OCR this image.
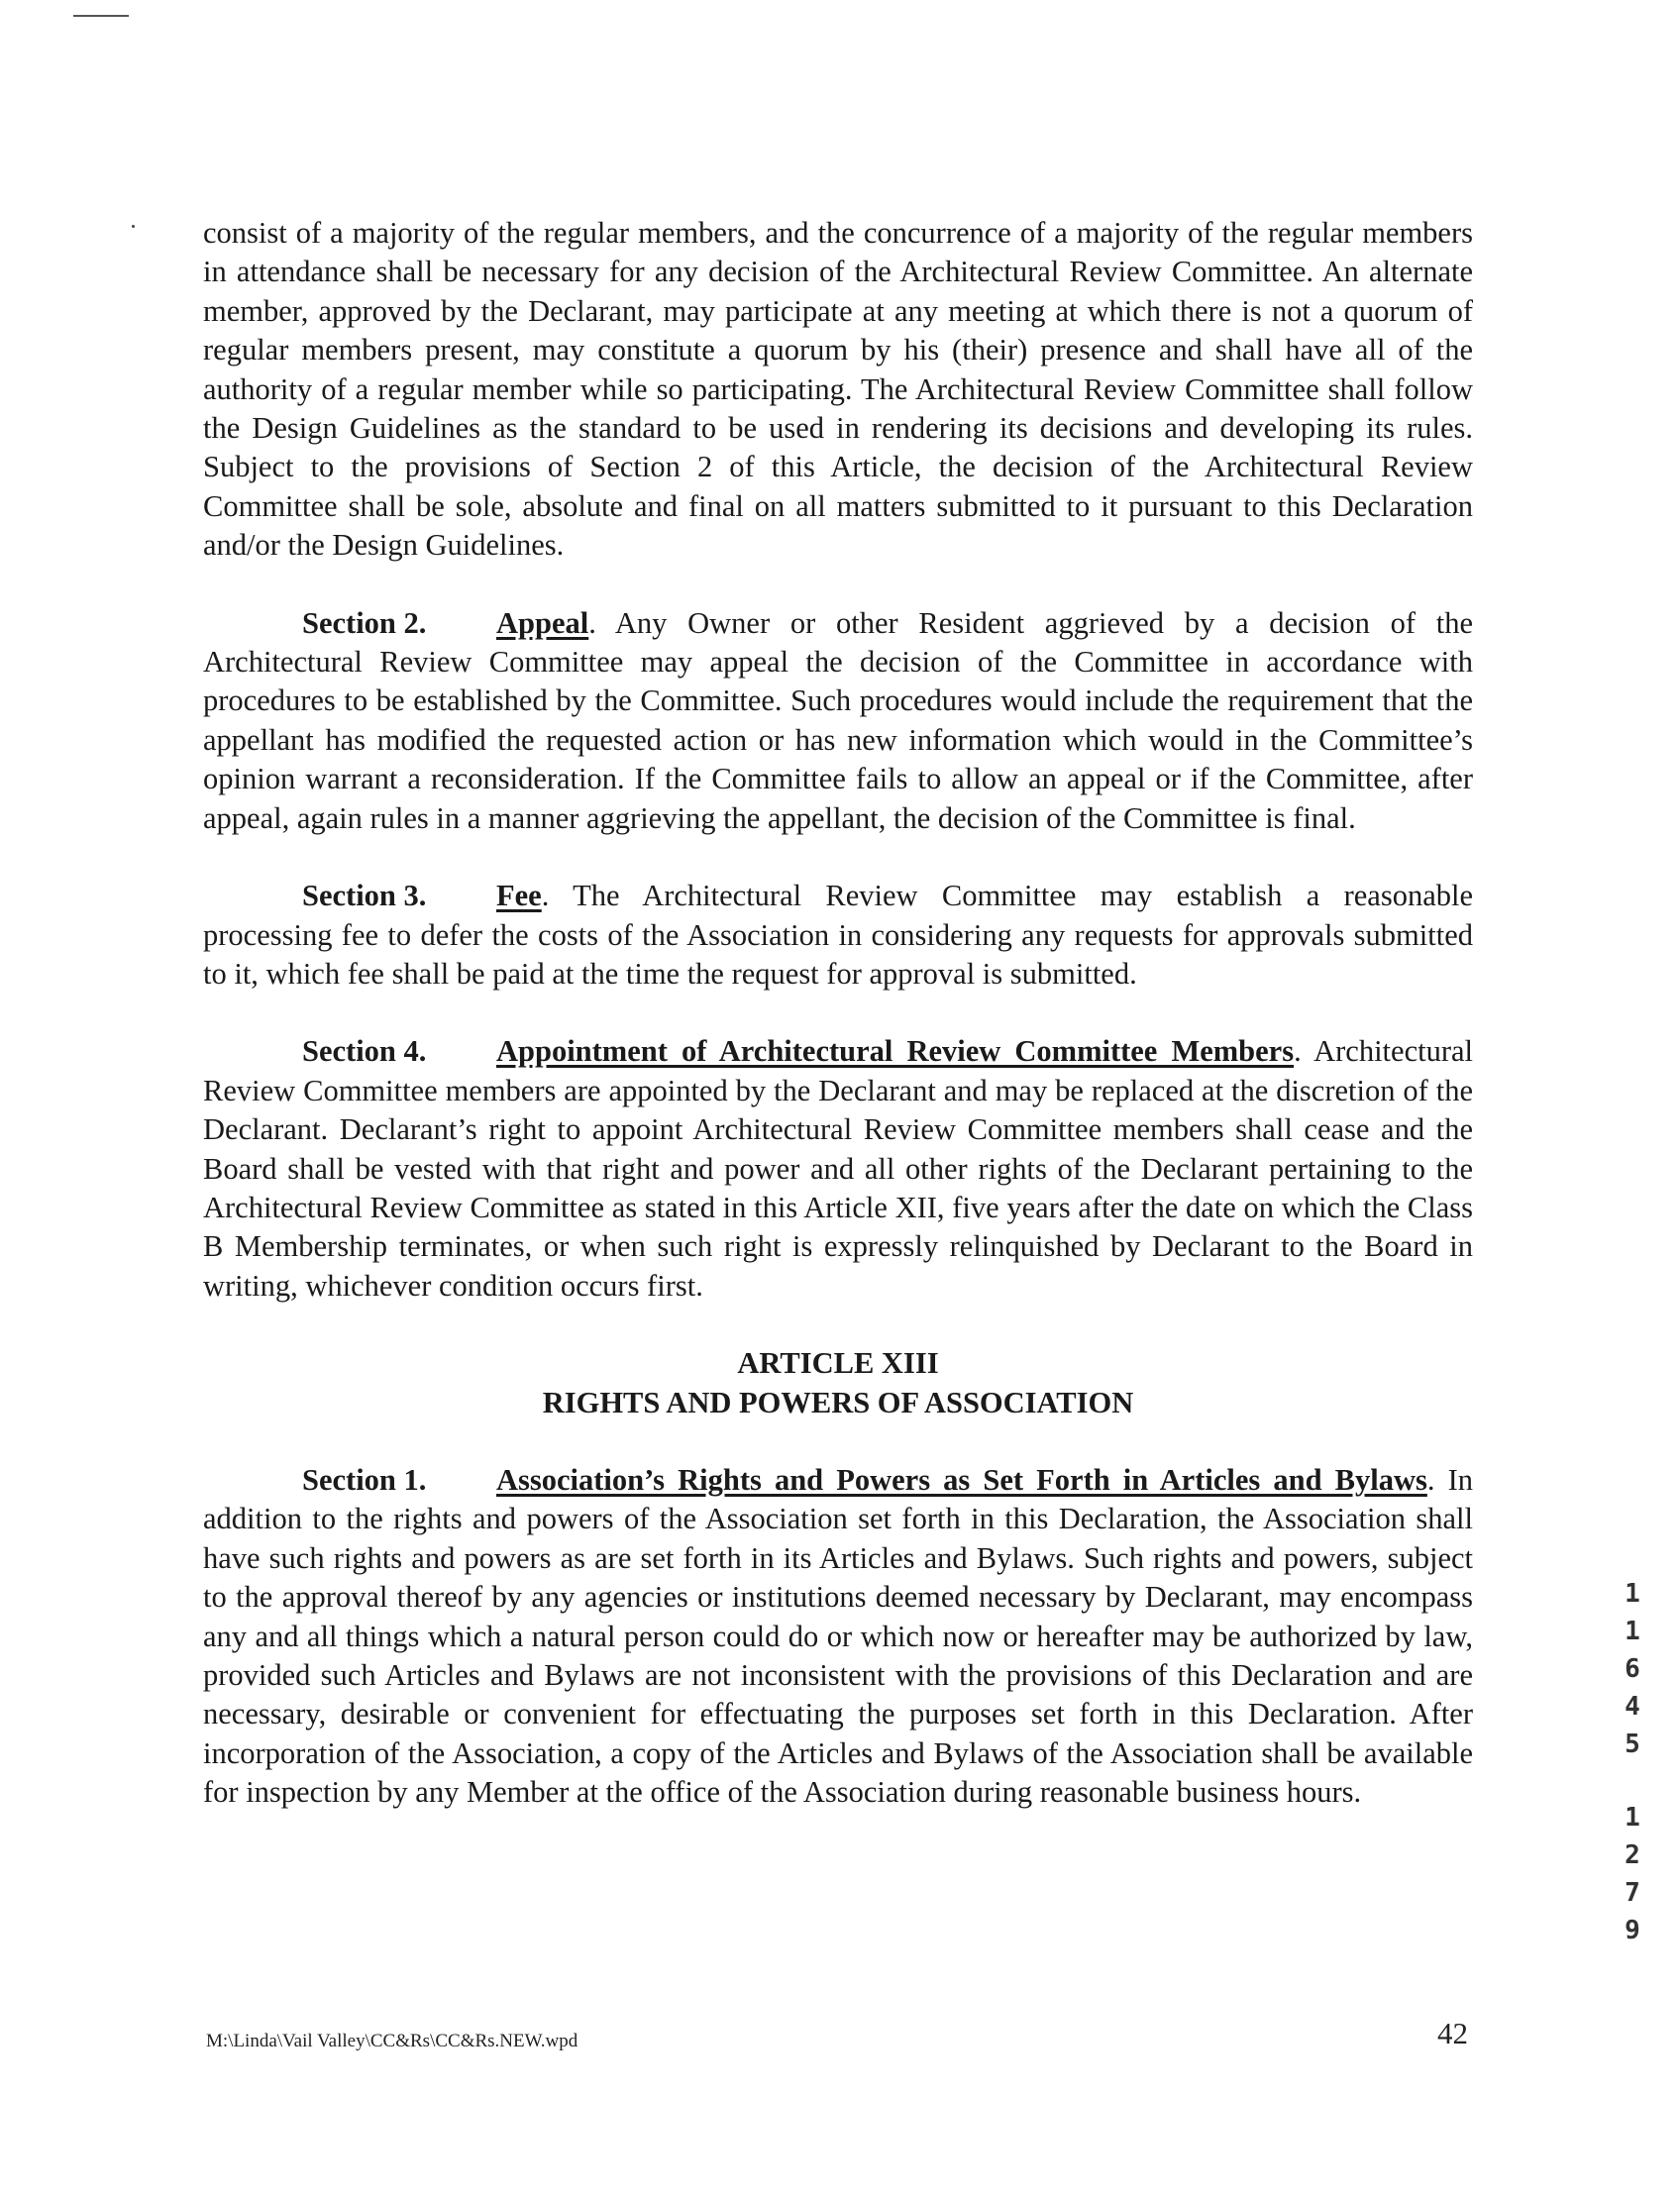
consist of a majority of the regular members, and the concurrence of a majority of the regular members in attendance shall be necessary for any decision of the Architectural Review Committee. An alternate member, approved by the Declarant, may participate at any meeting at which there is not a quorum of regular members present, may constitute a quorum by his (their) presence and shall have all of the authority of a regular member while so participating. The Architectural Review Committee shall follow the Design Guidelines as the standard to be used in rendering its decisions and developing its rules. Subject to the provisions of Section 2 of this Article, the decision of the Architectural Review Committee shall be sole, absolute and final on all matters submitted to it pursuant to this Declaration and/or the Design Guidelines.

Section 2. Appeal. Any Owner or other Resident aggrieved by a decision of the Architectural Review Committee may appeal the decision of the Committee in accordance with procedures to be established by the Committee. Such procedures would include the requirement that the appellant has modified the requested action or has new information which would in the Committee’s opinion warrant a reconsideration. If the Committee fails to allow an appeal or if the Committee, after appeal, again rules in a manner aggrieving the appellant, the decision of the Committee is final.

Section 3. Fee. The Architectural Review Committee may establish a reasonable processing fee to defer the costs of the Association in considering any requests for approvals submitted to it, which fee shall be paid at the time the request for approval is submitted.

Section 4. Appointment of Architectural Review Committee Members. Architectural Review Committee members are appointed by the Declarant and may be replaced at the discretion of the Declarant. Declarant’s right to appoint Architectural Review Committee members shall cease and the Board shall be vested with that right and power and all other rights of the Declarant pertaining to the Architectural Review Committee as stated in this Article XII, five years after the date on which the Class B Membership terminates, or when such right is expressly relinquished by Declarant to the Board in writing, whichever condition occurs first.

ARTICLE XIII
RIGHTS AND POWERS OF ASSOCIATION

Section 1. Association’s Rights and Powers as Set Forth in Articles and Bylaws. In addition to the rights and powers of the Association set forth in this Declaration, the Association shall have such rights and powers as are set forth in its Articles and Bylaws. Such rights and powers, subject to the approval thereof by any agencies or institutions deemed necessary by Declarant, may encompass any and all things which a natural person could do or which now or hereafter may be authorized by law, provided such Articles and Bylaws are not inconsistent with the provisions of this Declaration and are necessary, desirable or convenient for effectuating the purposes set forth in this Declaration. After incorporation of the Association, a copy of the Articles and Bylaws of the Association shall be available for inspection by any Member at the office of the Association during reasonable business hours.

1
1
6
4
5
1
2
7
9
M:\Linda\Vail Valley\CC&Rs\CC&Rs.NEW.wpd	42
